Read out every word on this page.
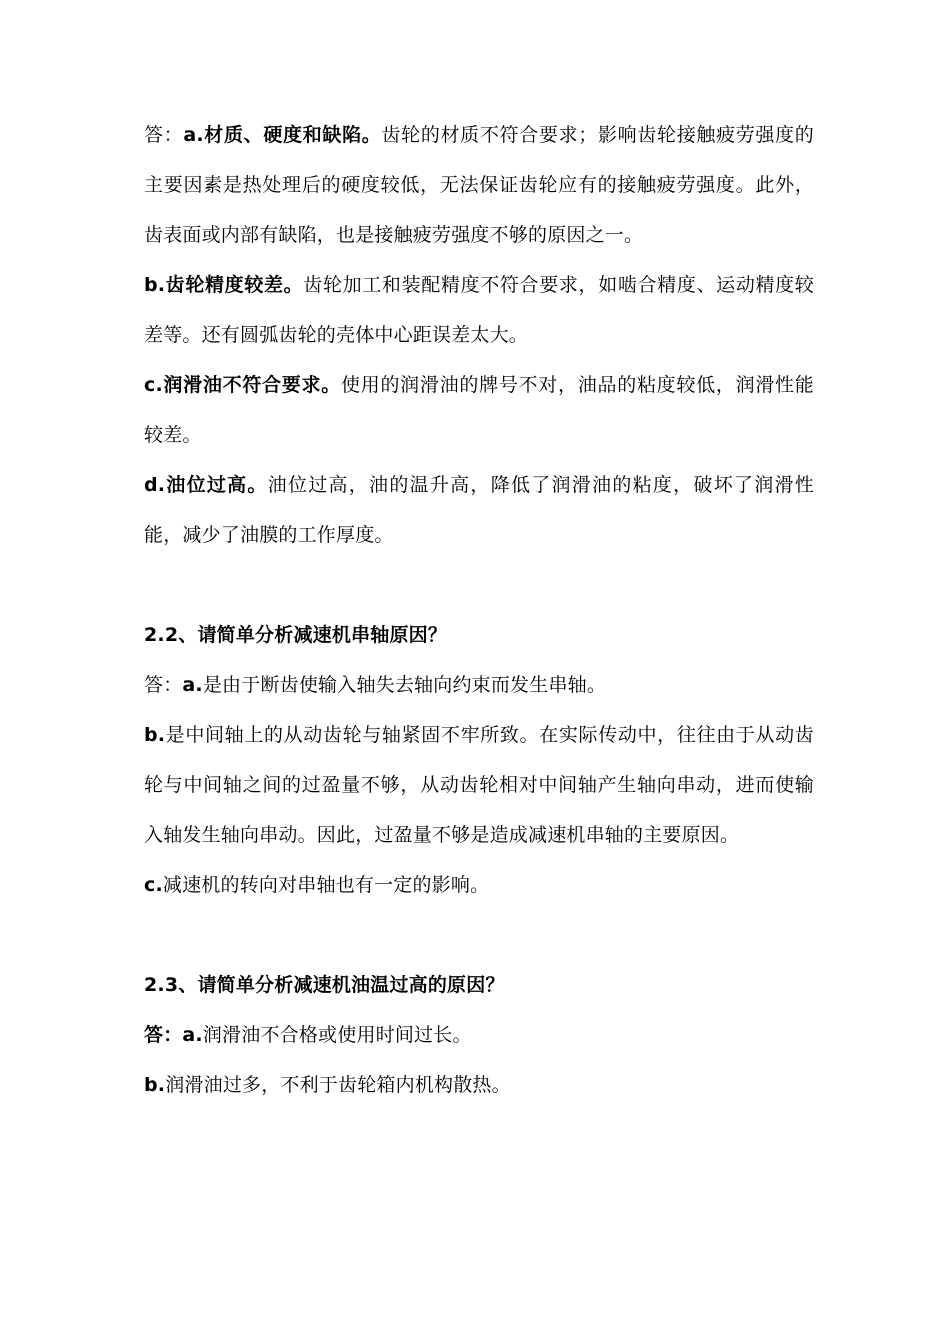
答：a.材质、硬度和缺陷。齿轮的材质不符合要求；影响齿轮接触疲劳强度的主要因素是热处理后的硬度较低，无法保证齿轮应有的接触疲劳强度。此外，齿表面或内部有缺陷，也是接触疲劳强度不够的原因之一。

b.齿轮精度较差。齿轮加工和装配精度不符合要求，如啮合精度、运动精度较差等。还有圆弧齿轮的壳体中心距误差太大。

c.润滑油不符合要求。使用的润滑油的牌号不对，油品的粘度较低，润滑性能较差。

d.油位过高。油位过高，油的温升高，降低了润滑油的粘度，破坏了润滑性能，减少了油膜的工作厚度。

2.2、请简单分析减速机串轴原因？

答：a.是由于断齿使输入轴失去轴向约束而发生串轴。

b.是中间轴上的从动齿轮与轴紧固不牢所致。在实际传动中，往往由于从动齿轮与中间轴之间的过盈量不够，从动齿轮相对中间轴产生轴向串动，进而使输入轴发生轴向串动。因此，过盈量不够是造成减速机串轴的主要原因。

c.减速机的转向对串轴也有一定的影响。

2.3、请简单分析减速机油温过高的原因？

答：a.润滑油不合格或使用时间过长。

b.润滑油过多，不利于齿轮箱内机构散热。
